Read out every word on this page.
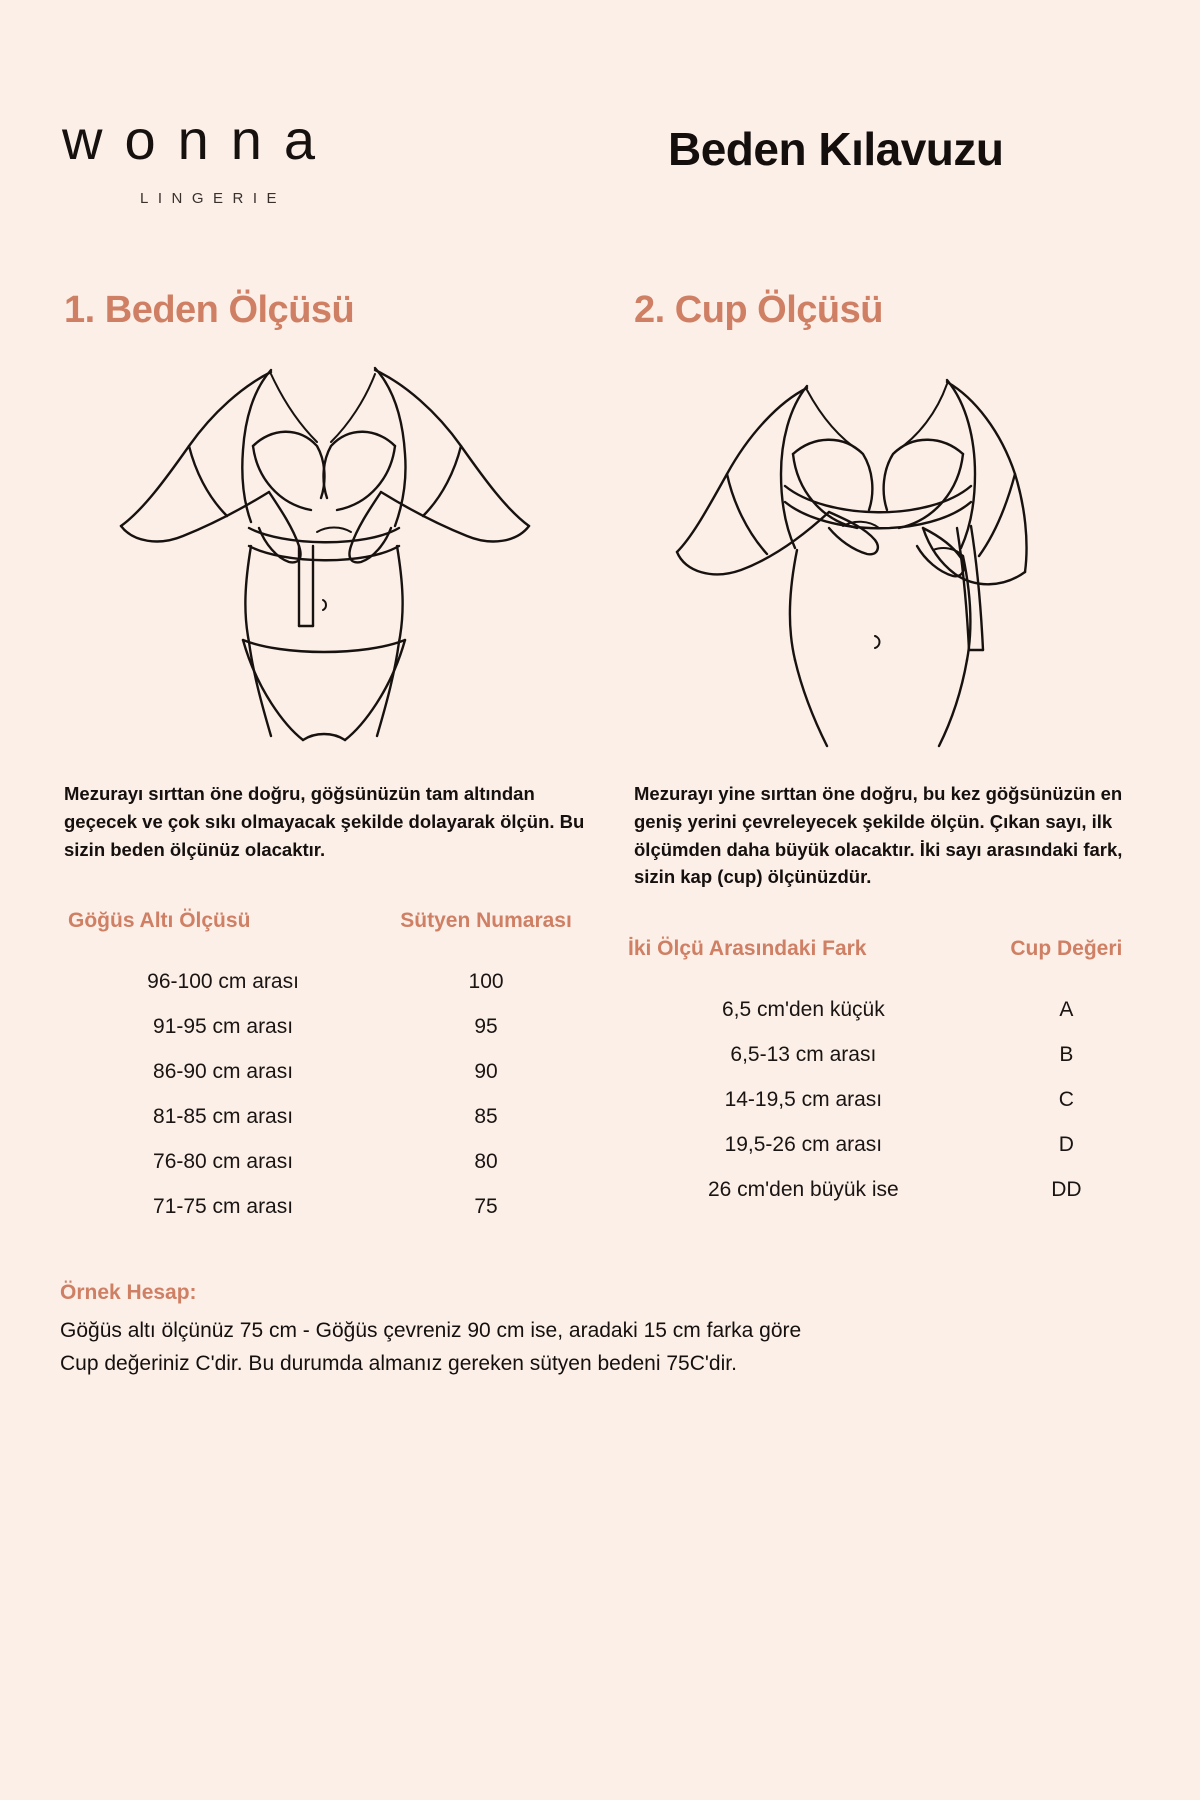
wonna
LINGERIE
Beden Kılavuzu
1. Beden Ölçüsü
Mezurayı sırttan öne doğru, göğsünüzün tam altından geçecek ve çok sıkı olmayacak şekilde dolayarak ölçün. Bu sizin beden ölçünüz olacaktır.
Göğüs Altı Ölçüsü	Sütyen Numarası
96-100 cm arası	100
91-95 cm arası	95
86-90 cm arası	90
81-85 cm arası	85
76-80 cm arası	80
71-75 cm arası	75
2. Cup Ölçüsü
Mezurayı yine sırttan öne doğru, bu kez göğsünüzün en geniş yerini çevreleyecek şekilde ölçün. Çıkan sayı, ilk ölçümden daha büyük olacaktır. İki sayı arasındaki fark, sizin kap (cup) ölçünüzdür.
İki Ölçü Arasındaki Fark	Cup Değeri
6,5 cm'den küçük	A
6,5-13 cm arası	B
14-19,5 cm arası	C
19,5-26 cm arası	D
26 cm'den büyük ise	DD
Örnek Hesap:
Göğüs altı ölçünüz 75 cm - Göğüs çevreniz 90 cm ise, aradaki 15 cm farka göre
Cup değeriniz C'dir. Bu durumda almanız gereken sütyen bedeni 75C'dir.
